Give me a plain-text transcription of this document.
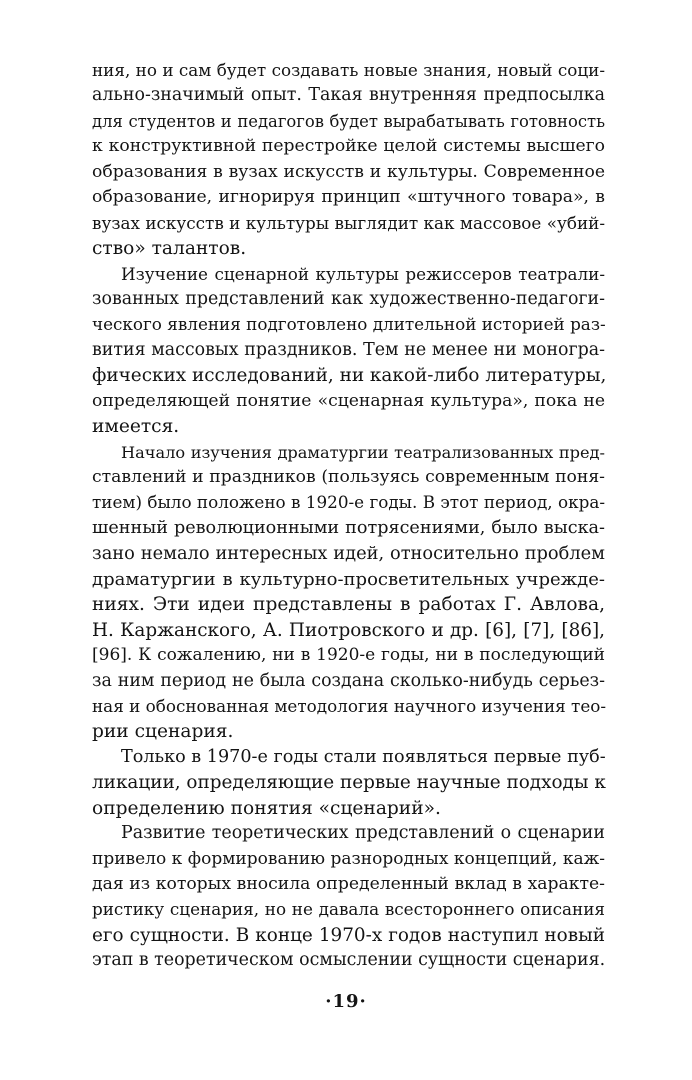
ния, но и сам будет создавать новые знания, новый соци-
ально-значимый опыт. Такая внутренняя предпосылка
для студентов и педагогов будет вырабатывать готовность
к конструктивной перестройке целой системы высшего
образования в вузах искусств и культуры. Современное
образование, игнорируя принцип «штучного товара», в
вузах искусств и культуры выглядит как массовое «убий-
ство» талантов.
Изучение сценарной культуры режиссеров театрали-
зованных представлений как художественно-педагоги-
ческого явления подготовлено длительной историей раз-
вития массовых праздников. Тем не менее ни моногра-
фических исследований, ни какой-либо литературы,
определяющей понятие «сценарная культура», пока не
имеется.
Начало изучения драматургии театрализованных пред-
ставлений и праздников (пользуясь современным поня-
тием) было положено в 1920-е годы. В этот период, окра-
шенный революционными потрясениями, было выска-
зано немало интересных идей, относительно проблем
драматургии в культурно-просветительных учрежде-
ниях. Эти идеи представлены в работах Г. Авлова,
Н. Каржанского, А. Пиотровского и др. [6], [7], [86],
[96]. К сожалению, ни в 1920-е годы, ни в последующий
за ним период не была создана сколько-нибудь серьез-
ная и обоснованная методология научного изучения тео-
рии сценария.
Только в 1970-е годы стали появляться первые пуб-
ликации, определяющие первые научные подходы к
определению понятия «сценарий».
Развитие теоретических представлений о сценарии
привело к формированию разнородных концепций, каж-
дая из которых вносила определенный вклад в характе-
ристику сценария, но не давала всестороннего описания
его сущности. В конце 1970-х годов наступил новый
этап в теоретическом осмыслении сущности сценария.
·19·
